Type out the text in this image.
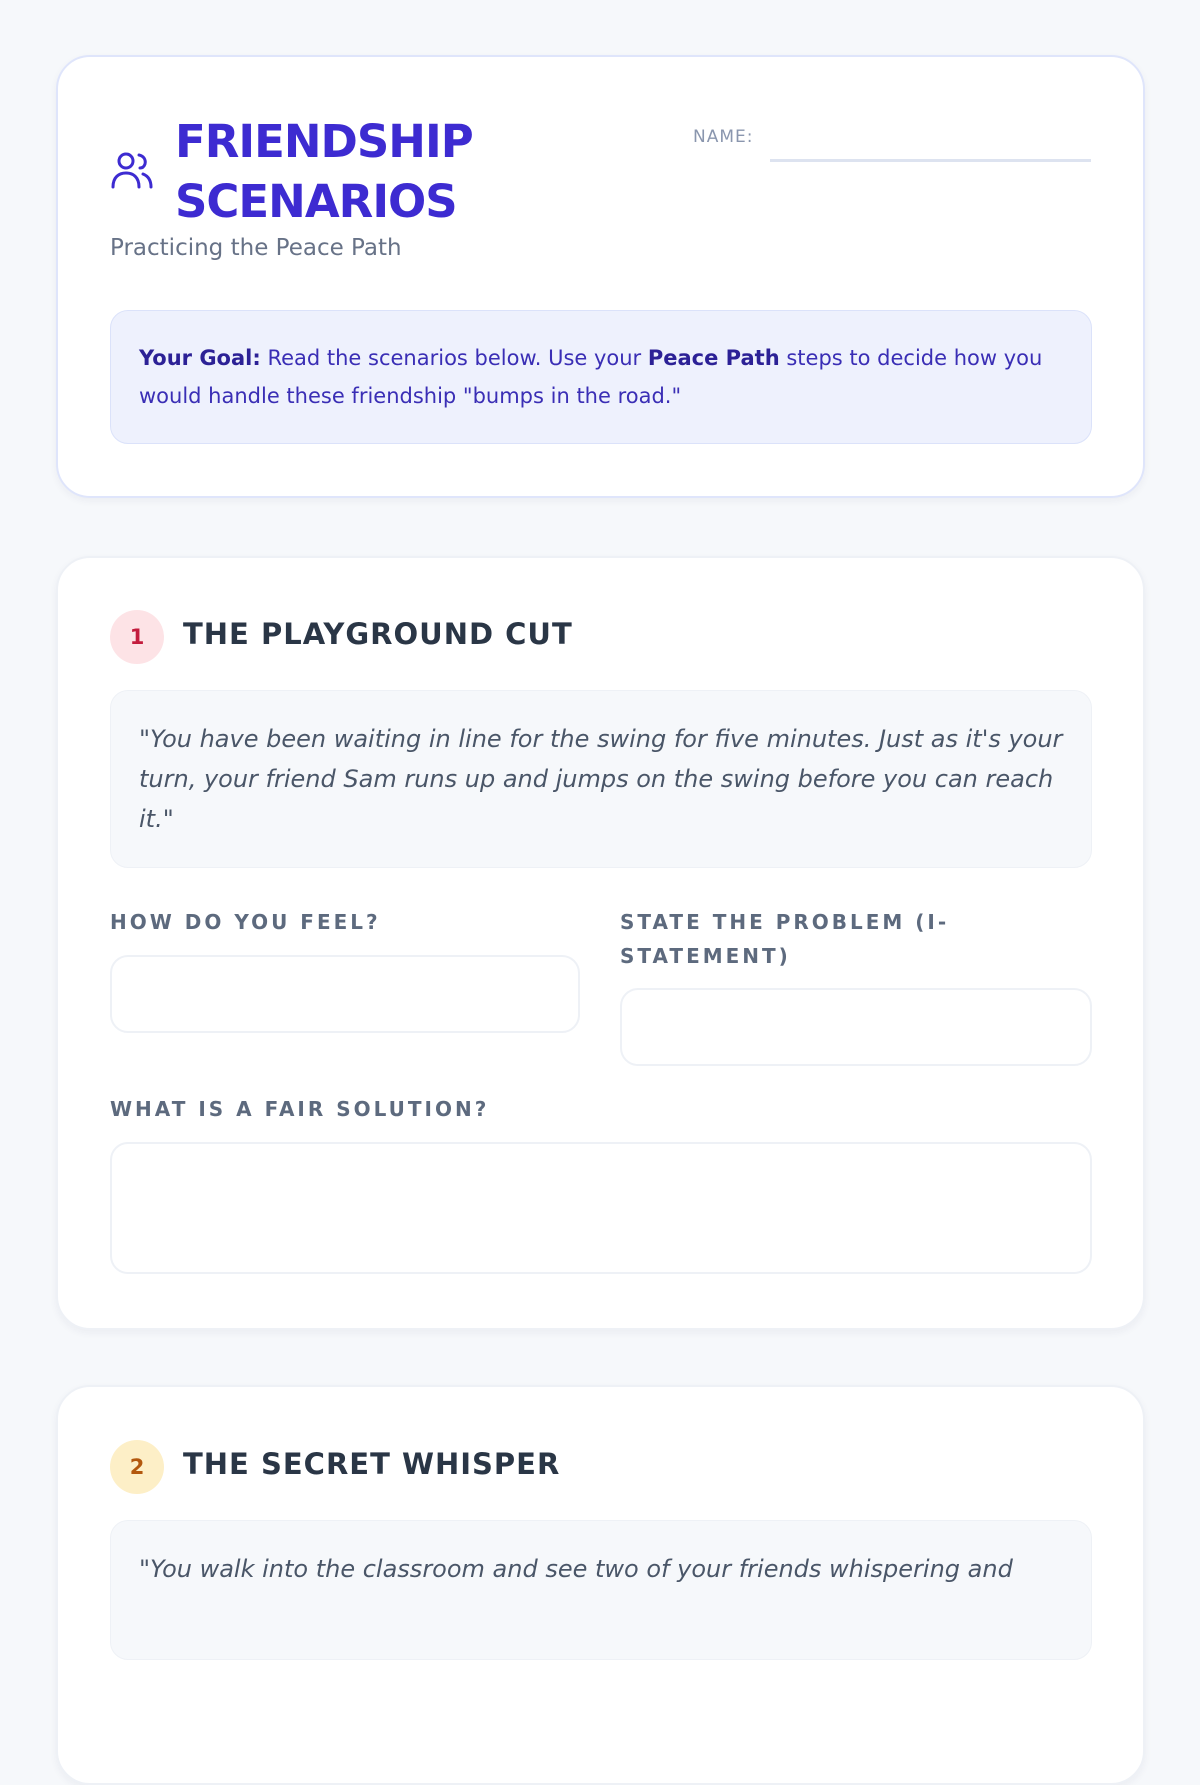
FRIENDSHIP
SCENARIOS
Practicing the Peace Path
NAME:
Your Goal: Read the scenarios below. Use your Peace Path steps to decide how you would handle these friendship "bumps in the road."
1	THE PLAYGROUND CUT
"You have been waiting in line for the swing for five minutes. Just as it's your turn, your friend Sam runs up and jumps on the swing before you can reach it."
HOW DO YOU FEEL?	STATE THE PROBLEM (I-STATEMENT)
WHAT IS A FAIR SOLUTION?
2	THE SECRET WHISPER
"You walk into the classroom and see two of your friends whispering and
